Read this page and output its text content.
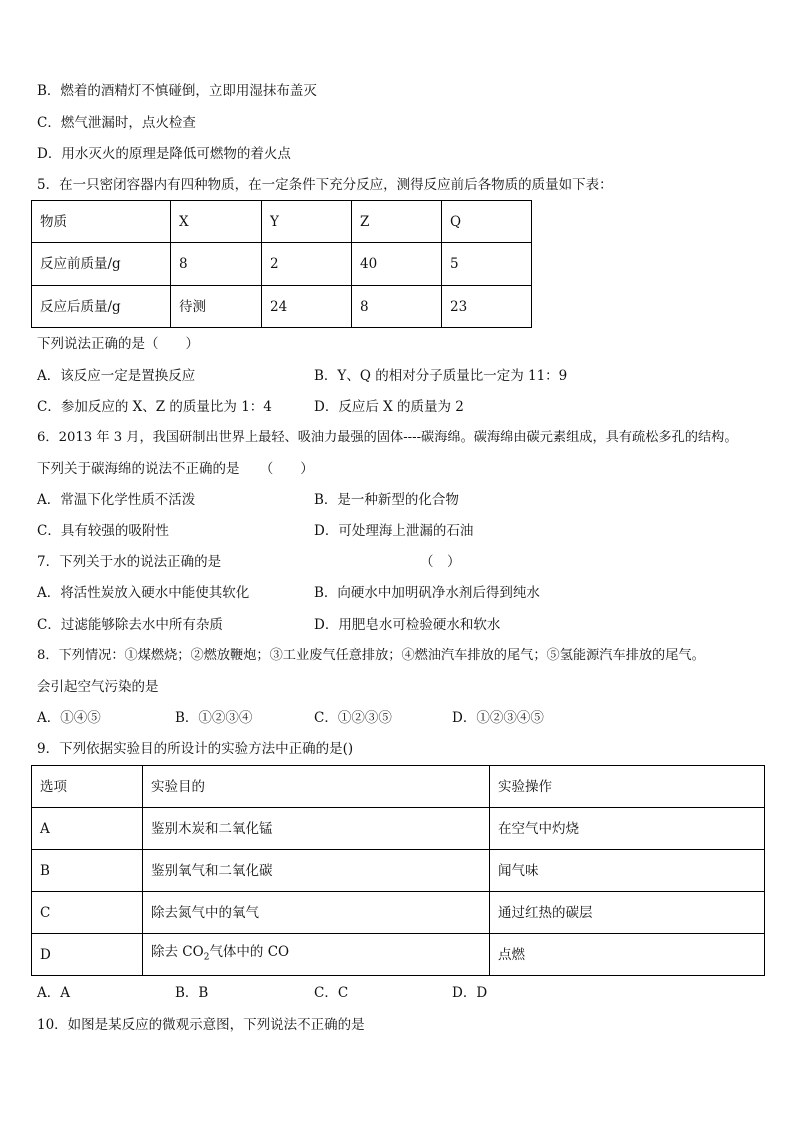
B．燃着的酒精灯不慎碰倒，立即用湿抹布盖灭
C．燃气泄漏时，点火检查
D．用水灭火的原理是降低可燃物的着火点
5．在一只密闭容器内有四种物质，在一定条件下充分反应，测得反应前后各物质的质量如下表：
物质	X	Y	Z	Q
反应前质量/g	8	2	40	5
反应后质量/g	待测	24	8	23
下列说法正确的是（　　）
A．该反应一定是置换反应	B．Y、Q 的相对分子质量比一定为 11：9
C．参加反应的 X、Z 的质量比为 1：4	D．反应后 X 的质量为 2
6．2013 年 3 月，我国研制出世界上最轻、吸油力最强的固体----碳海绵。碳海绵由碳元素组成，具有疏松多孔的结构。
下列关于碳海绵的说法不正确的是　　（　　）
A．常温下化学性质不活泼	B．是一种新型的化合物
C．具有较强的吸附性	D．可处理海上泄漏的石油
7．下列关于水的说法正确的是	（　）
A．将活性炭放入硬水中能使其软化	B．向硬水中加明矾净水剂后得到纯水
C．过滤能够除去水中所有杂质	D．用肥皂水可检验硬水和软水
8．下列情况：①煤燃烧；②燃放鞭炮；③工业废气任意排放；④燃油汽车排放的尾气；⑤氢能源汽车排放的尾气。
会引起空气污染的是
A．①④⑤	B．①②③④	C．①②③⑤	D．①②③④⑤
9．下列依据实验目的所设计的实验方法中正确的是()
选项	实验目的	实验操作
A	鉴别木炭和二氧化锰	在空气中灼烧
B	鉴别氧气和二氧化碳	闻气味
C	除去氮气中的氧气	通过红热的碳层
D	除去 $CO_2$气体中的 CO	点燃
A．A	B．B	C．C	D．D
10．如图是某反应的微观示意图，下列说法不正确的是
